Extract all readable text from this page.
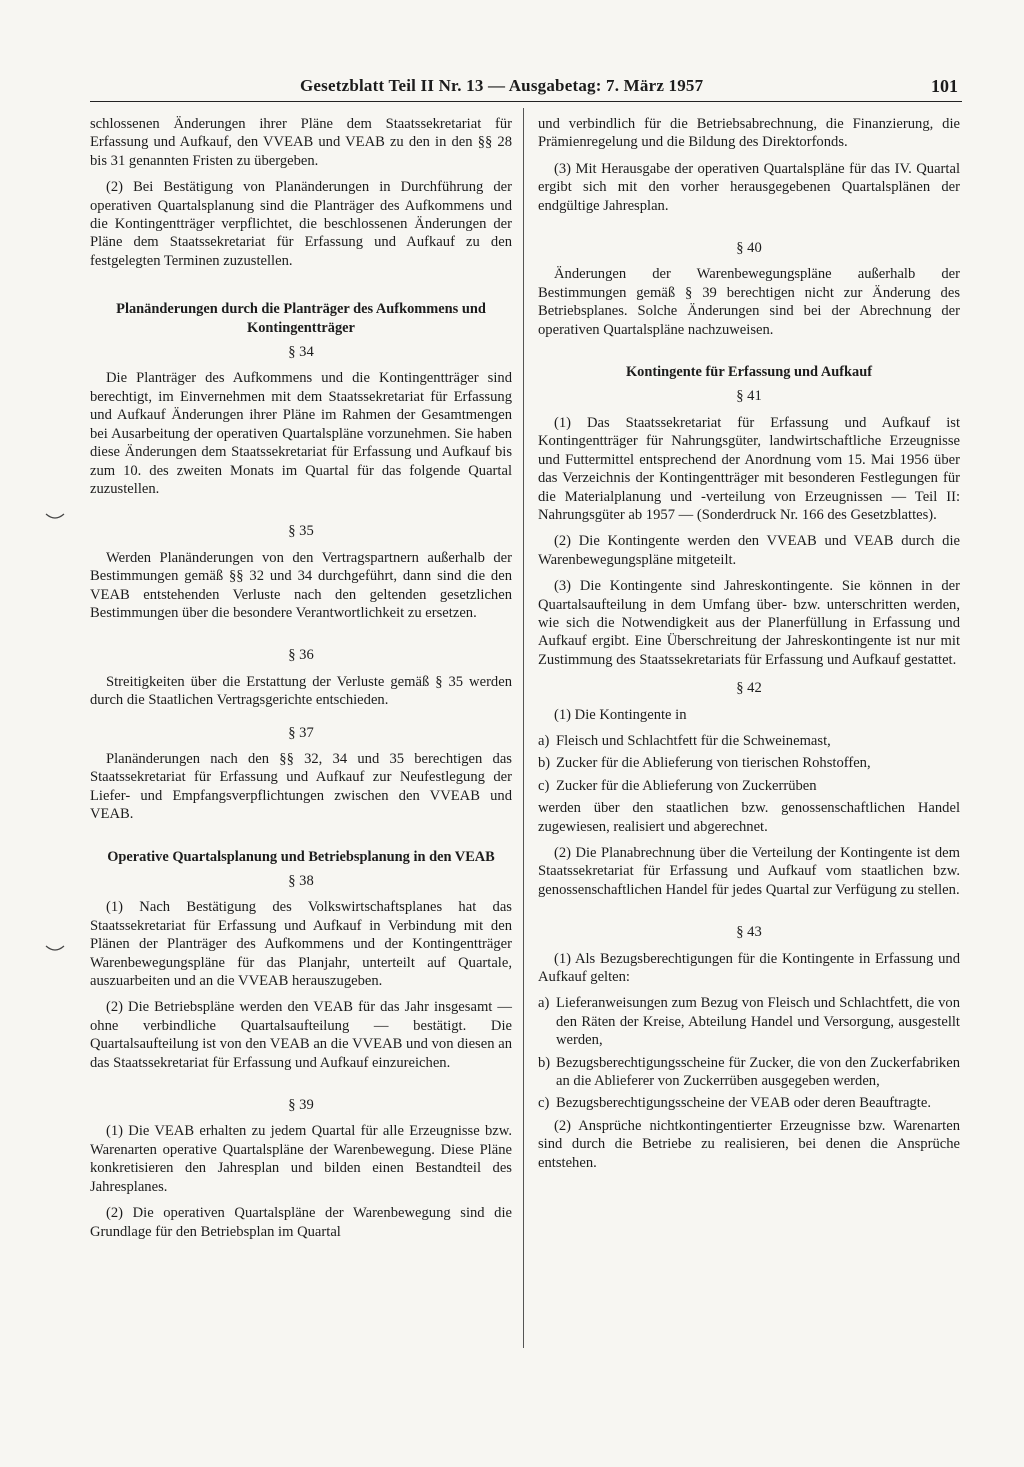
Gesetzblatt Teil II Nr. 13 — Ausgabetag: 7. März 1957	101

schlossenen Änderungen ihrer Pläne dem Staatssekretariat für Erfassung und Aufkauf, den VVEAB und VEAB zu den in den §§ 28 bis 31 genannten Fristen zu übergeben.

(2) Bei Bestätigung von Planänderungen in Durchführung der operativen Quartalsplanung sind die Planträger des Aufkommens und die Kontingentträger verpflichtet, die beschlossenen Änderungen der Pläne dem Staatssekretariat für Erfassung und Aufkauf zu den festgelegten Terminen zuzustellen.

Planänderungen durch die Planträger des Aufkommens und Kontingentträger
§ 34

Die Planträger des Aufkommens und die Kontingentträger sind berechtigt, im Einvernehmen mit dem Staatssekretariat für Erfassung und Aufkauf Änderungen ihrer Pläne im Rahmen der Gesamtmengen bei Ausarbeitung der operativen Quartalspläne vorzunehmen. Sie haben diese Änderungen dem Staatssekretariat für Erfassung und Aufkauf bis zum 10. des zweiten Monats im Quartal für das folgende Quartal zuzustellen.

§ 35

Werden Planänderungen von den Vertragspartnern außerhalb der Bestimmungen gemäß §§ 32 und 34 durchgeführt, dann sind die den VEAB entstehenden Verluste nach den geltenden gesetzlichen Bestimmungen über die besondere Verantwortlichkeit zu ersetzen.

§ 36

Streitigkeiten über die Erstattung der Verluste gemäß § 35 werden durch die Staatlichen Vertragsgerichte entschieden.

§ 37

Planänderungen nach den §§ 32, 34 und 35 berechtigen das Staatssekretariat für Erfassung und Aufkauf zur Neufestlegung der Liefer- und Empfangsverpflichtungen zwischen den VVEAB und VEAB.

Operative Quartalsplanung und Betriebsplanung in den VEAB
§ 38

(1) Nach Bestätigung des Volkswirtschaftsplanes hat das Staatssekretariat für Erfassung und Aufkauf in Verbindung mit den Plänen der Planträger des Aufkommens und der Kontingentträger Warenbewegungspläne für das Planjahr, unterteilt auf Quartale, auszuarbeiten und an die VVEAB herauszugeben.

(2) Die Betriebspläne werden den VEAB für das Jahr insgesamt — ohne verbindliche Quartalsaufteilung — bestätigt. Die Quartalsaufteilung ist von den VEAB an die VVEAB und von diesen an das Staatssekretariat für Erfassung und Aufkauf einzureichen.

§ 39

(1) Die VEAB erhalten zu jedem Quartal für alle Erzeugnisse bzw. Warenarten operative Quartalspläne der Warenbewegung. Diese Pläne konkretisieren den Jahresplan und bilden einen Bestandteil des Jahresplanes.

(2) Die operativen Quartalspläne der Warenbewegung sind die Grundlage für den Betriebsplan im Quartal

und verbindlich für die Betriebsabrechnung, die Finanzierung, die Prämienregelung und die Bildung des Direktorfonds.

(3) Mit Herausgabe der operativen Quartalspläne für das IV. Quartal ergibt sich mit den vorher herausgegebenen Quartalsplänen der endgültige Jahresplan.

§ 40

Änderungen der Warenbewegungspläne außerhalb der Bestimmungen gemäß § 39 berechtigen nicht zur Änderung des Betriebsplanes. Solche Änderungen sind bei der Abrechnung der operativen Quartalspläne nachzuweisen.

Kontingente für Erfassung und Aufkauf
§ 41

(1) Das Staatssekretariat für Erfassung und Aufkauf ist Kontingentträger für Nahrungsgüter, landwirtschaftliche Erzeugnisse und Futtermittel entsprechend der Anordnung vom 15. Mai 1956 über das Verzeichnis der Kontingentträger mit besonderen Festlegungen für die Materialplanung und -verteilung von Erzeugnissen — Teil II: Nahrungsgüter ab 1957 — (Sonderdruck Nr. 166 des Gesetzblattes).

(2) Die Kontingente werden den VVEAB und VEAB durch die Warenbewegungspläne mitgeteilt.

(3) Die Kontingente sind Jahreskontingente. Sie können in der Quartalsaufteilung in dem Umfang über- bzw. unterschritten werden, wie sich die Notwendigkeit aus der Planerfüllung in Erfassung und Aufkauf ergibt. Eine Überschreitung der Jahreskontingente ist nur mit Zustimmung des Staatssekretariats für Erfassung und Aufkauf gestattet.

§ 42

(1) Die Kontingente in

a) Fleisch und Schlachtfett für die Schweinemast,
b) Zucker für die Ablieferung von tierischen Rohstoffen,
c) Zucker für die Ablieferung von Zuckerrüben

werden über den staatlichen bzw. genossenschaftlichen Handel zugewiesen, realisiert und abgerechnet.

(2) Die Planabrechnung über die Verteilung der Kontingente ist dem Staatssekretariat für Erfassung und Aufkauf vom staatlichen bzw. genossenschaftlichen Handel für jedes Quartal zur Verfügung zu stellen.

§ 43

(1) Als Bezugsberechtigungen für die Kontingente in Erfassung und Aufkauf gelten:

a) Lieferanweisungen zum Bezug von Fleisch und Schlachtfett, die von den Räten der Kreise, Abteilung Handel und Versorgung, ausgestellt werden,
b) Bezugsberechtigungsscheine für Zucker, die von den Zuckerfabriken an die Ablieferer von Zuckerrüben ausgegeben werden,
c) Bezugsberechtigungsscheine der VEAB oder deren Beauftragte.

(2) Ansprüche nichtkontingentierter Erzeugnisse bzw. Warenarten sind durch die Betriebe zu realisieren, bei denen die Ansprüche entstehen.
